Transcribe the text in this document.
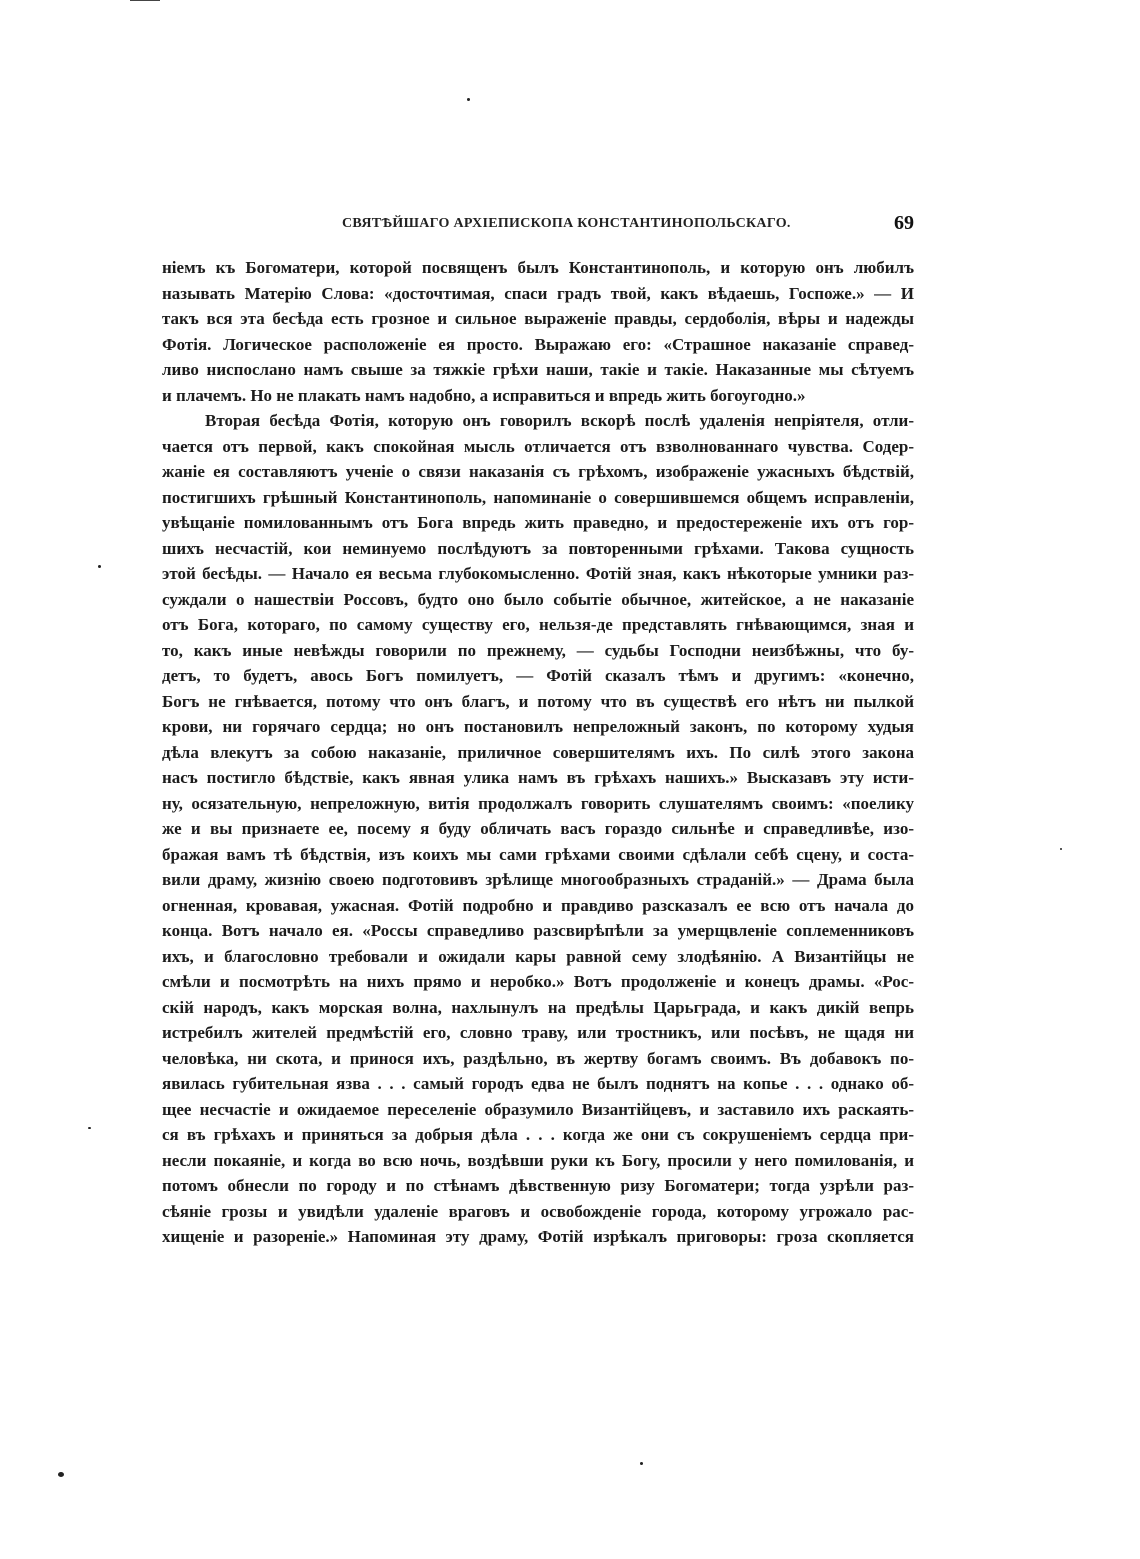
СВЯТѢЙШАГО АРХІЕПИСКОПА КОНСТАНТИНОПОЛЬСКАГО.	69
ніемъ къ Богоматери, которой посвященъ былъ Константинополь, и которую онъ любилъ
называть Матерію Слова: «досточтимая, спаси градъ твой, какъ вѣдаешь, Госпоже.» — И
такъ вся эта бесѣда есть грозное и сильное выраженіе правды, сердоболія, вѣры и надежды
Фотія. Логическое расположеніе ея просто. Выражаю его: «Страшное наказаніе справед-
ливо ниспослано намъ свыше за тяжкіе грѣхи наши, такіе и такіе. Наказанные мы сѣтуемъ
и плачемъ. Но не плакать намъ надобно, а исправиться и впредь жить богоугодно.»
Вторая бесѣда Фотія, которую онъ говорилъ вскорѣ послѣ удаленія непріятеля, отли-
чается отъ первой, какъ спокойная мысль отличается отъ взволнованнаго чувства. Содер-
жаніе ея составляютъ ученіе о связи наказанія съ грѣхомъ, изображеніе ужасныхъ бѣдствій,
постигшихъ грѣшный Константинополь, напоминаніе о совершившемся общемъ исправленіи,
увѣщаніе помилованнымъ отъ Бога впредь жить праведно, и предостереженіе ихъ отъ гор-
шихъ несчастій, кои неминуемо послѣдуютъ за повторенными грѣхами. Такова сущность
этой бесѣды. — Начало ея весьма глубокомысленно. Фотій зная, какъ нѣкоторые умники раз-
суждали о нашествіи Россовъ, будто оно было событіе обычное, житейское, а не наказаніе
отъ Бога, котораго, по самому существу его, нельзя-де представлять гнѣвающимся, зная и
то, какъ иные невѣжды говорили по прежнему, — судьбы Господни неизбѣжны, что бу-
детъ, то будетъ, авось Богъ помилуетъ, — Фотій сказалъ тѣмъ и другимъ: «конечно,
Богъ не гнѣвается, потому что онъ благъ, и потому что въ существѣ его нѣтъ ни пылкой
крови, ни горячаго сердца; но онъ постановилъ непреложный законъ, по которому худыя
дѣла влекутъ за собою наказаніе, приличное совершителямъ ихъ. По силѣ этого закона
насъ постигло бѣдствіе, какъ явная улика намъ въ грѣхахъ нашихъ.» Высказавъ эту исти-
ну, осязательную, непреложную, витія продолжалъ говорить слушателямъ своимъ: «поелику
же и вы признаете ее, посему я буду обличать васъ гораздо сильнѣе и справедливѣе, изо-
бражая вамъ тѣ бѣдствія, изъ коихъ мы сами грѣхами своими сдѣлали себѣ сцену, и соста-
вили драму, жизнію своею подготовивъ зрѣлище многообразныхъ страданій.» — Драма была
огненная, кровавая, ужасная. Фотій подробно и правдиво разсказалъ ее всю отъ начала до
конца. Вотъ начало ея. «Россы справедливо разсвирѣпѣли за умерщвленіе соплеменниковъ
ихъ, и благословно требовали и ожидали кары равной сему злодѣянію. А Византійцы не
смѣли и посмотрѣть на нихъ прямо и неробко.» Вотъ продолженіе и конецъ драмы. «Рос-
скій народъ, какъ морская волна, нахлынулъ на предѣлы Царьграда, и какъ дикій вепрь
истребилъ жителей предмѣстій его, словно траву, или тростникъ, или посѣвъ, не щадя ни
человѣка, ни скота, и принося ихъ, раздѣльно, въ жертву богамъ своимъ. Въ добавокъ по-
явилась губительная язва . . . самый городъ едва не былъ поднятъ на копье . . . однако об-
щее несчастіе и ожидаемое переселеніе образумило Византійцевъ, и заставило ихъ раскаять-
ся въ грѣхахъ и приняться за добрыя дѣла . . . когда же они съ сокрушеніемъ сердца при-
несли покаяніе, и когда во всю ночь, воздѣвши руки къ Богу, просили у него помилованія, и
потомъ обнесли по городу и по стѣнамъ дѣвственную ризу Богоматери; тогда узрѣли раз-
сѣяніе грозы и увидѣли удаленіе враговъ и освобожденіе города, которому угрожало рас-
хищеніе и разореніе.» Напоминая эту драму, Фотій изрѣкалъ приговоры: гроза скопляется
